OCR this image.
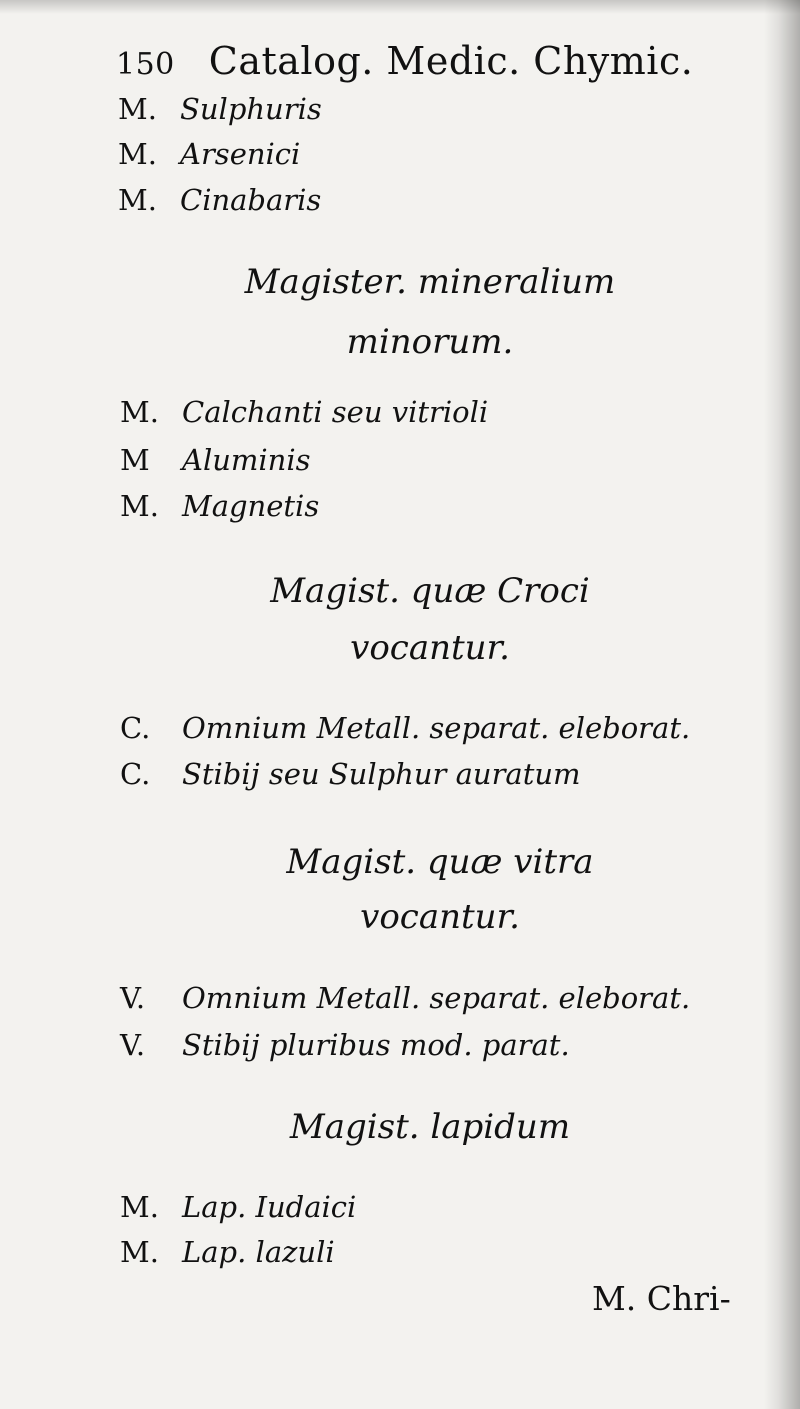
150 Catalog. Medic. Chymic.
M. Sulphuris
M. Arsenici
M. Cinabaris
Magister. mineralium
minorum.
M. Calchanti seu vitrioli
M Aluminis
M. Magnetis
Magist. quæ Croci
vocantur.
C. Omnium Metall. separat. eleborat.
C. Stibij seu Sulphur auratum
Magist. quæ vitra
vocantur.
V. Omnium Metall. separat. eleborat.
V. Stibij pluribus mod. parat.
Magist. lapidum
M. Lap. Iudaici
M. Lap. lazuli
M. Chri-
